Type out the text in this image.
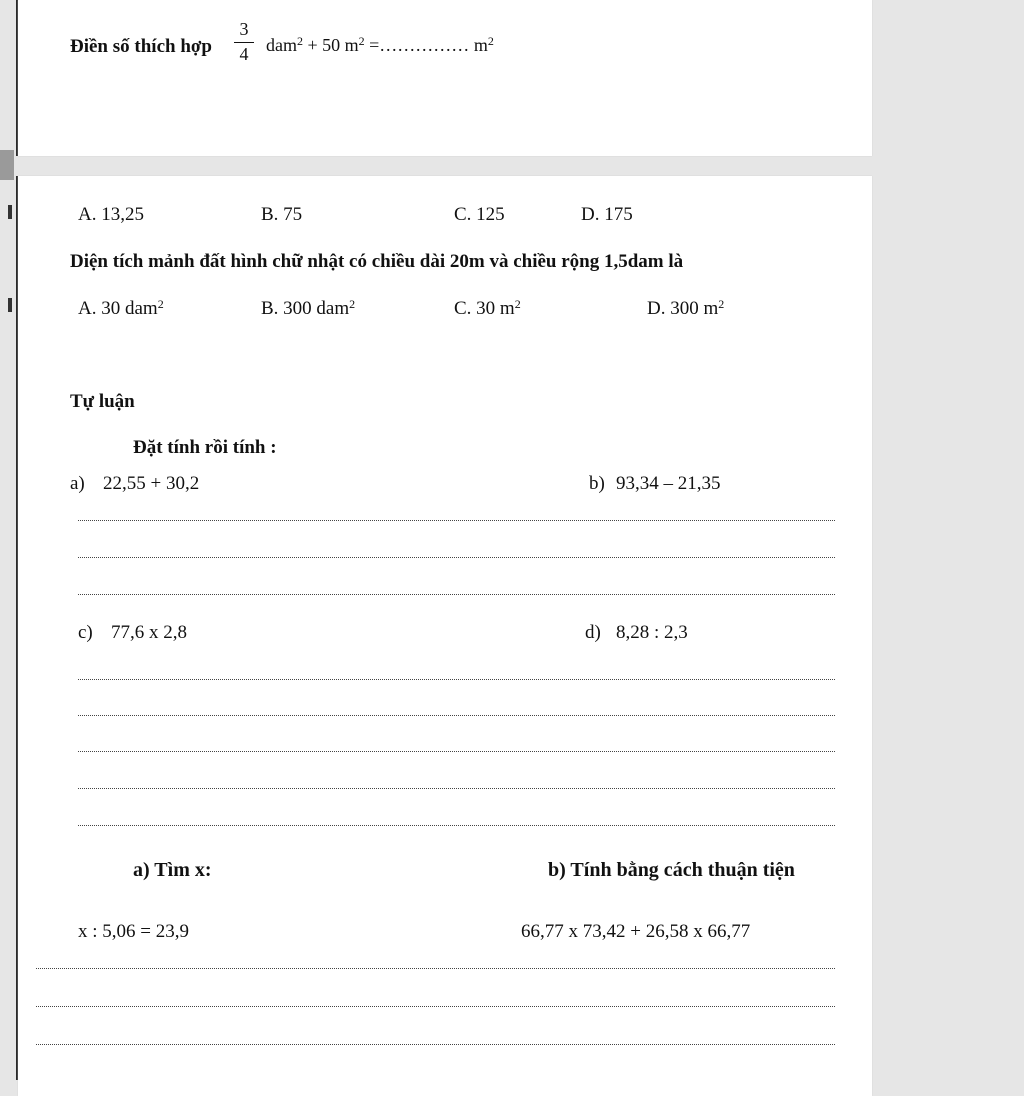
Điền số thích hợp
3
4 dam$^2$ + 50 $m^2$ =…………… $m^2$
A. 13,25	B. 75	C. 125	D. 175
Diện tích mảnh đất hình chữ nhật có chiều dài 20m và chiều rộng 1,5dam là
A. 30 dam$^2$	B. 300 dam$^2$	C. 30 $m^2$	D. 300 $m^2$
Tự luận
Đặt tính rồi tính :
a) 22,55 + 30,2	b) 93,34 – 21,35
c) 77,6 x 2,8	d) 8,28 : 2,3
a) Tìm x:	b) Tính bằng cách thuận tiện
x : 5,06 = 23,9	66,77 x 73,42 + 26,58 x 66,77
